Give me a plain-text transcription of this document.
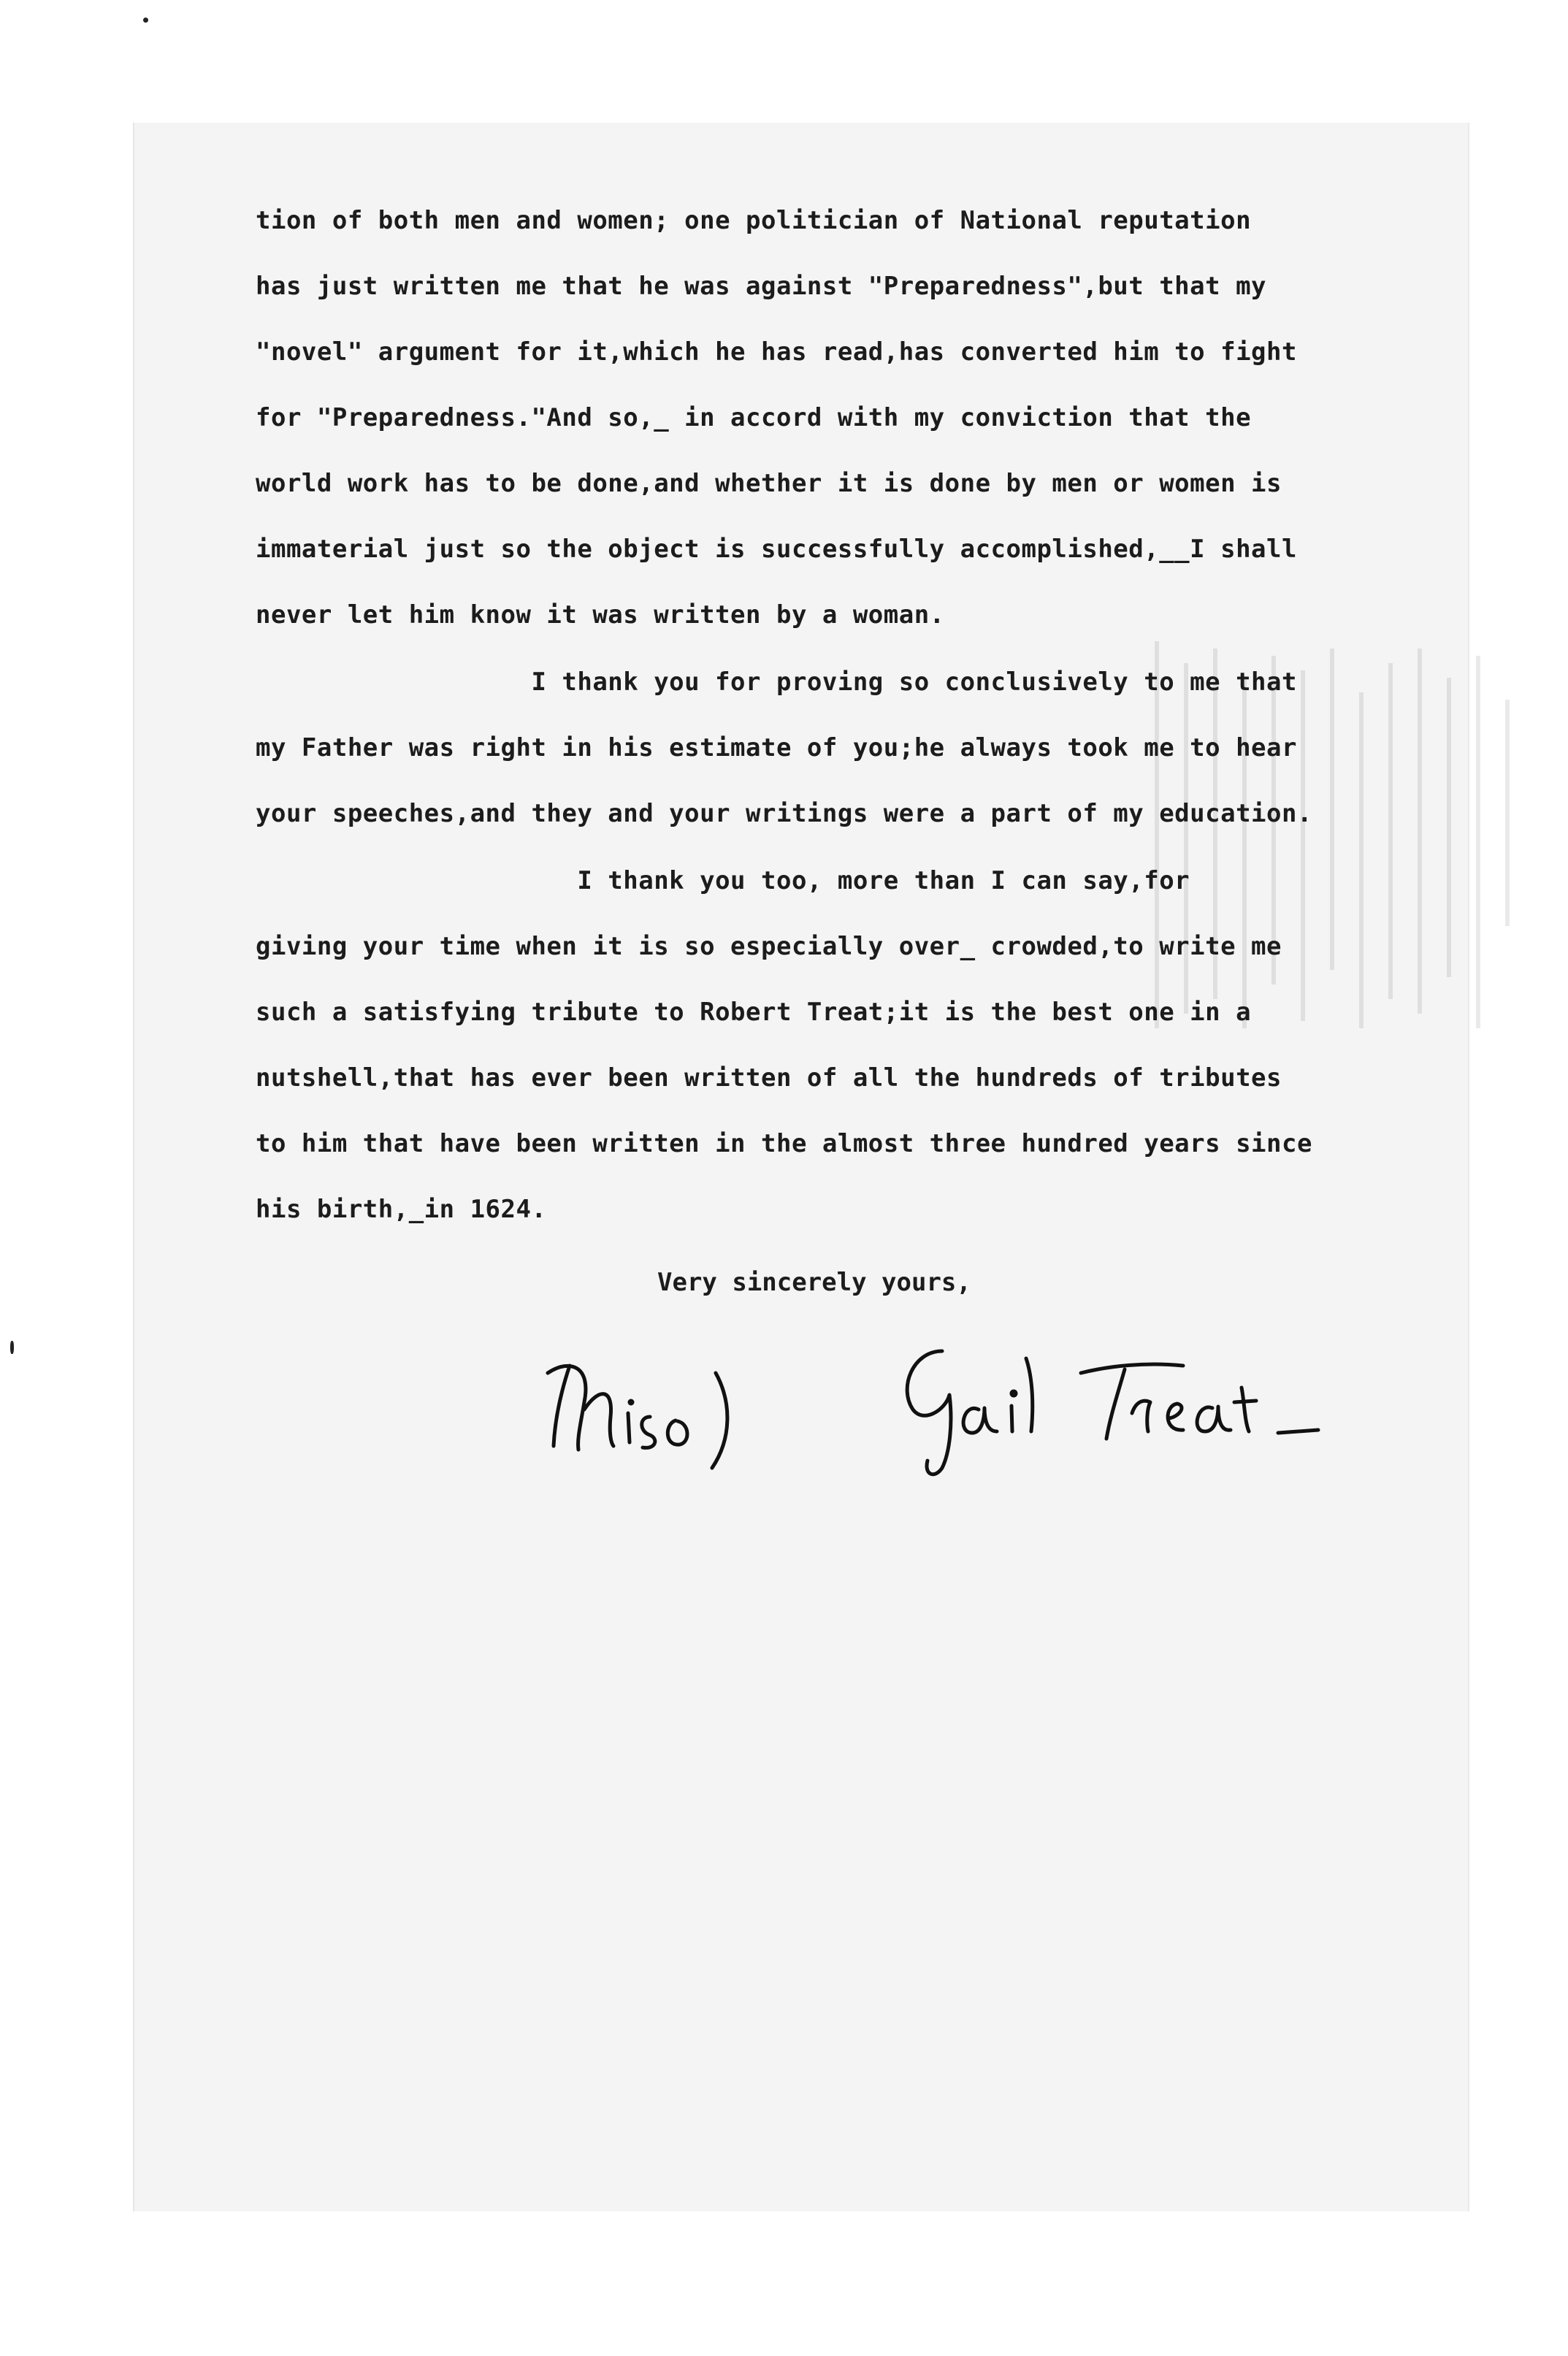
tion of both men and women; one politician of National reputation

has just written me that he was against "Preparedness",but that my

"novel" argument for it,which he has read,has converted him to fight

for "Preparedness."And so,_ in accord with my conviction that the

world work has to be done,and whether it is done by men or women is

immaterial just so the object is successfully accomplished,__I shall

never let him know it was written by a woman.

I thank you for proving so conclusively to me that

my Father was right in his estimate of you;he always took me to hear

your speeches,and they and your writings were a part of my education.

I thank you too, more than I can say,for

giving your time when it is so especially over_ crowded,to write me

such a satisfying tribute to Robert Treat;it is the best one in a

nutshell,that has ever been written of all the hundreds of tributes

to him that have been written in the almost three hundred years since

his birth,_in 1624.

Very sincerely yours,
